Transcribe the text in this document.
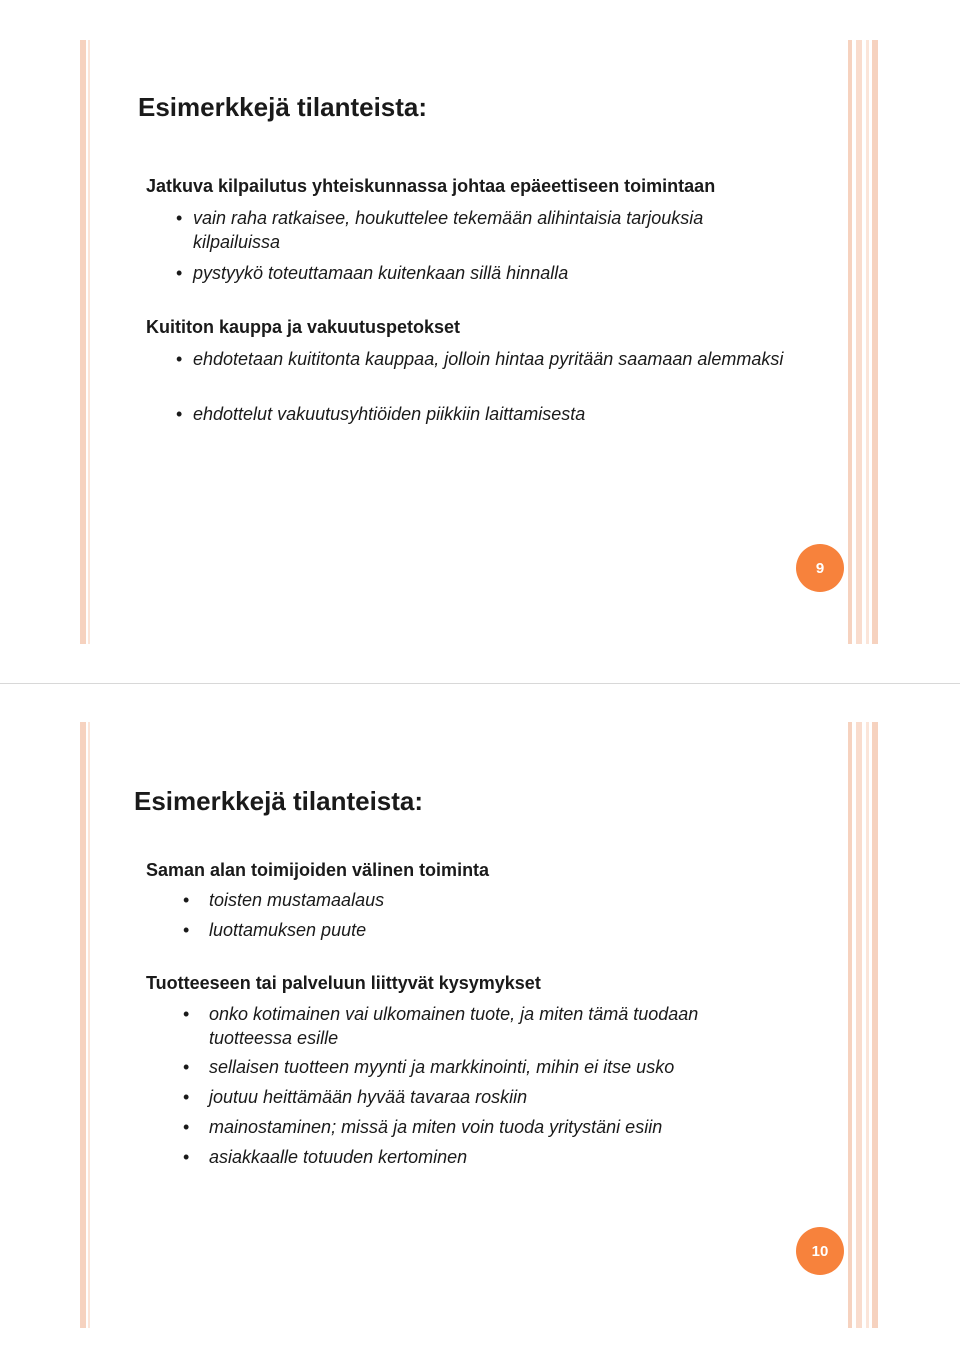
Esimerkkejä tilanteista:
Jatkuva kilpailutus yhteiskunnassa johtaa epäeettiseen toimintaan
• vain raha ratkaisee, houkuttelee tekemään alihintaisia tarjouksia kilpailuissa
• pystyykö toteuttamaan kuitenkaan sillä hinnalla
Kuititon kauppa ja vakuutuspetokset
• ehdotetaan kuititonta kauppaa, jolloin hintaa pyritään saamaan alemmaksi
• ehdottelut vakuutusyhtiöiden piikkiin laittamisesta
9
Esimerkkejä tilanteista:
Saman alan toimijoiden välinen toiminta
• toisten mustamaalaus
• luottamuksen puute
Tuotteeseen tai palveluun liittyvät kysymykset
• onko kotimainen vai ulkomainen tuote, ja miten tämä tuodaan tuotteessa esille
• sellaisen tuotteen myynti ja markkinointi, mihin ei itse usko
• joutuu heittämään hyvää tavaraa roskiin
• mainostaminen; missä ja miten voin tuoda yritystäni esiin
• asiakkaalle totuuden kertominen
10
